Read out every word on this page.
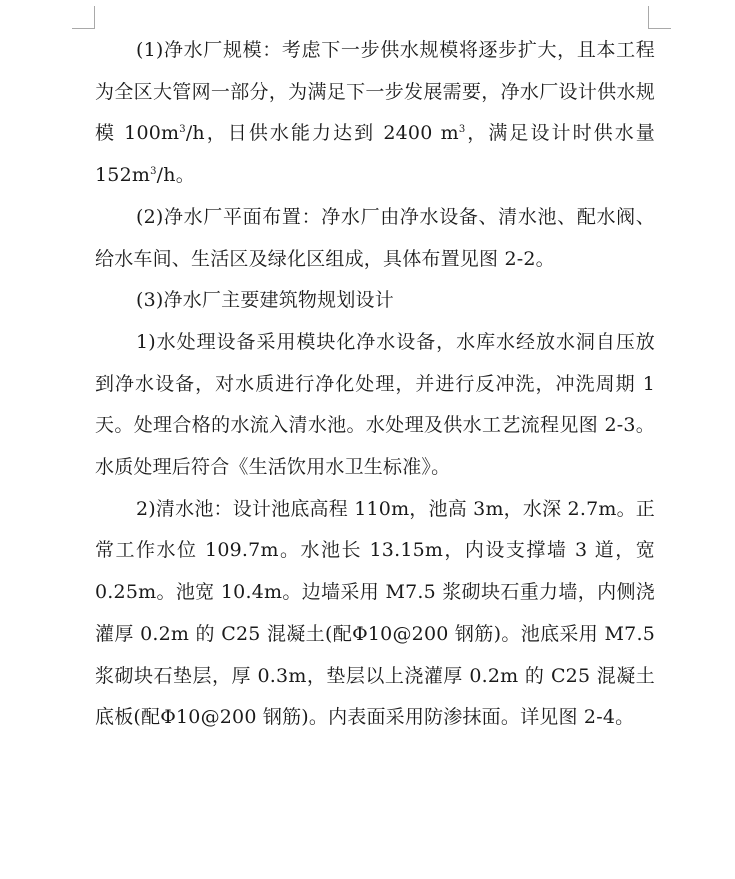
(1)净水厂规模：考虑下一步供水规模将逐步扩大，且本工程为全区大管网一部分，为满足下一步发展需要，净水厂设计供水规模 $100m^3/h$，日供水能力达到 2400 $m^3$，满足设计时供水量 $152m^3/h$。

(2)净水厂平面布置：净水厂由净水设备、清水池、配水阀、给水车间、生活区及绿化区组成，具体布置见图 2-2。

(3)净水厂主要建筑物规划设计

1)水处理设备采用模块化净水设备，水库水经放水洞自压放到净水设备，对水质进行净化处理，并进行反冲洗，冲洗周期 1 天。处理合格的水流入清水池。水处理及供水工艺流程见图 2-3。水质处理后符合《生活饮用水卫生标准》。

2)清水池：设计池底高程 110m，池高 3m，水深 2.7m。正常工作水位 109.7m。水池长 13.15m，内设支撑墙 3 道，宽 0.25m。池宽 10.4m。边墙采用 M7.5 浆砌块石重力墙，内侧浇灌厚 0.2m 的 C25 混凝土(配Φ10@200 钢筋)。池底采用 M7.5 浆砌块石垫层，厚 0.3m，垫层以上浇灌厚 0.2m 的 C25 混凝土底板(配Φ10@200 钢筋)。内表面采用防渗抹面。详见图 2-4。
